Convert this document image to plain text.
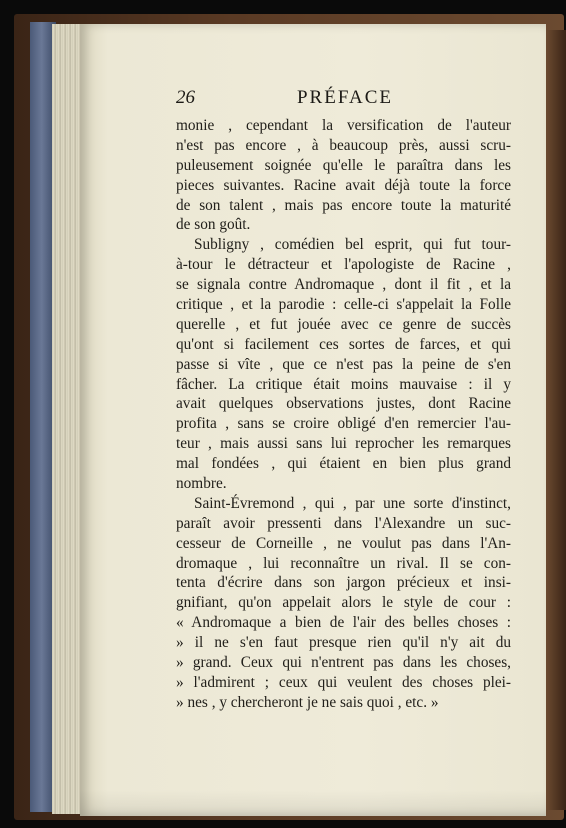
26	PRÉFACE
monie , cependant la versification de l'auteur
n'est pas encore , à beaucoup près, aussi scru-
puleusement soignée qu'elle le paraîtra dans les
pieces suivantes. Racine avait déjà toute la force
de son talent , mais pas encore toute la maturité
de son goût.
Subligny , comédien bel esprit, qui fut tour-
à-tour le détracteur et l'apologiste de Racine ,
se signala contre Andromaque , dont il fit , et la
critique , et la parodie : celle-ci s'appelait la Folle
querelle , et fut jouée avec ce genre de succès
qu'ont si facilement ces sortes de farces, et qui
passe si vîte , que ce n'est pas la peine de s'en
fâcher. La critique était moins mauvaise : il y
avait quelques observations justes, dont Racine
profita , sans se croire obligé d'en remercier l'au-
teur , mais aussi sans lui reprocher les remarques
mal fondées , qui étaient en bien plus grand
nombre.
Saint-Évremond , qui , par une sorte d'instinct,
paraît avoir pressenti dans l'Alexandre un suc-
cesseur de Corneille , ne voulut pas dans l'An-
dromaque , lui reconnaître un rival. Il se con-
tenta d'écrire dans son jargon précieux et insi-
gnifiant, qu'on appelait alors le style de cour :
« Andromaque a bien de l'air des belles choses :
» il ne s'en faut presque rien qu'il n'y ait du
» grand. Ceux qui n'entrent pas dans les choses,
» l'admirent ; ceux qui veulent des choses plei-
» nes , y chercheront je ne sais quoi , etc. »
